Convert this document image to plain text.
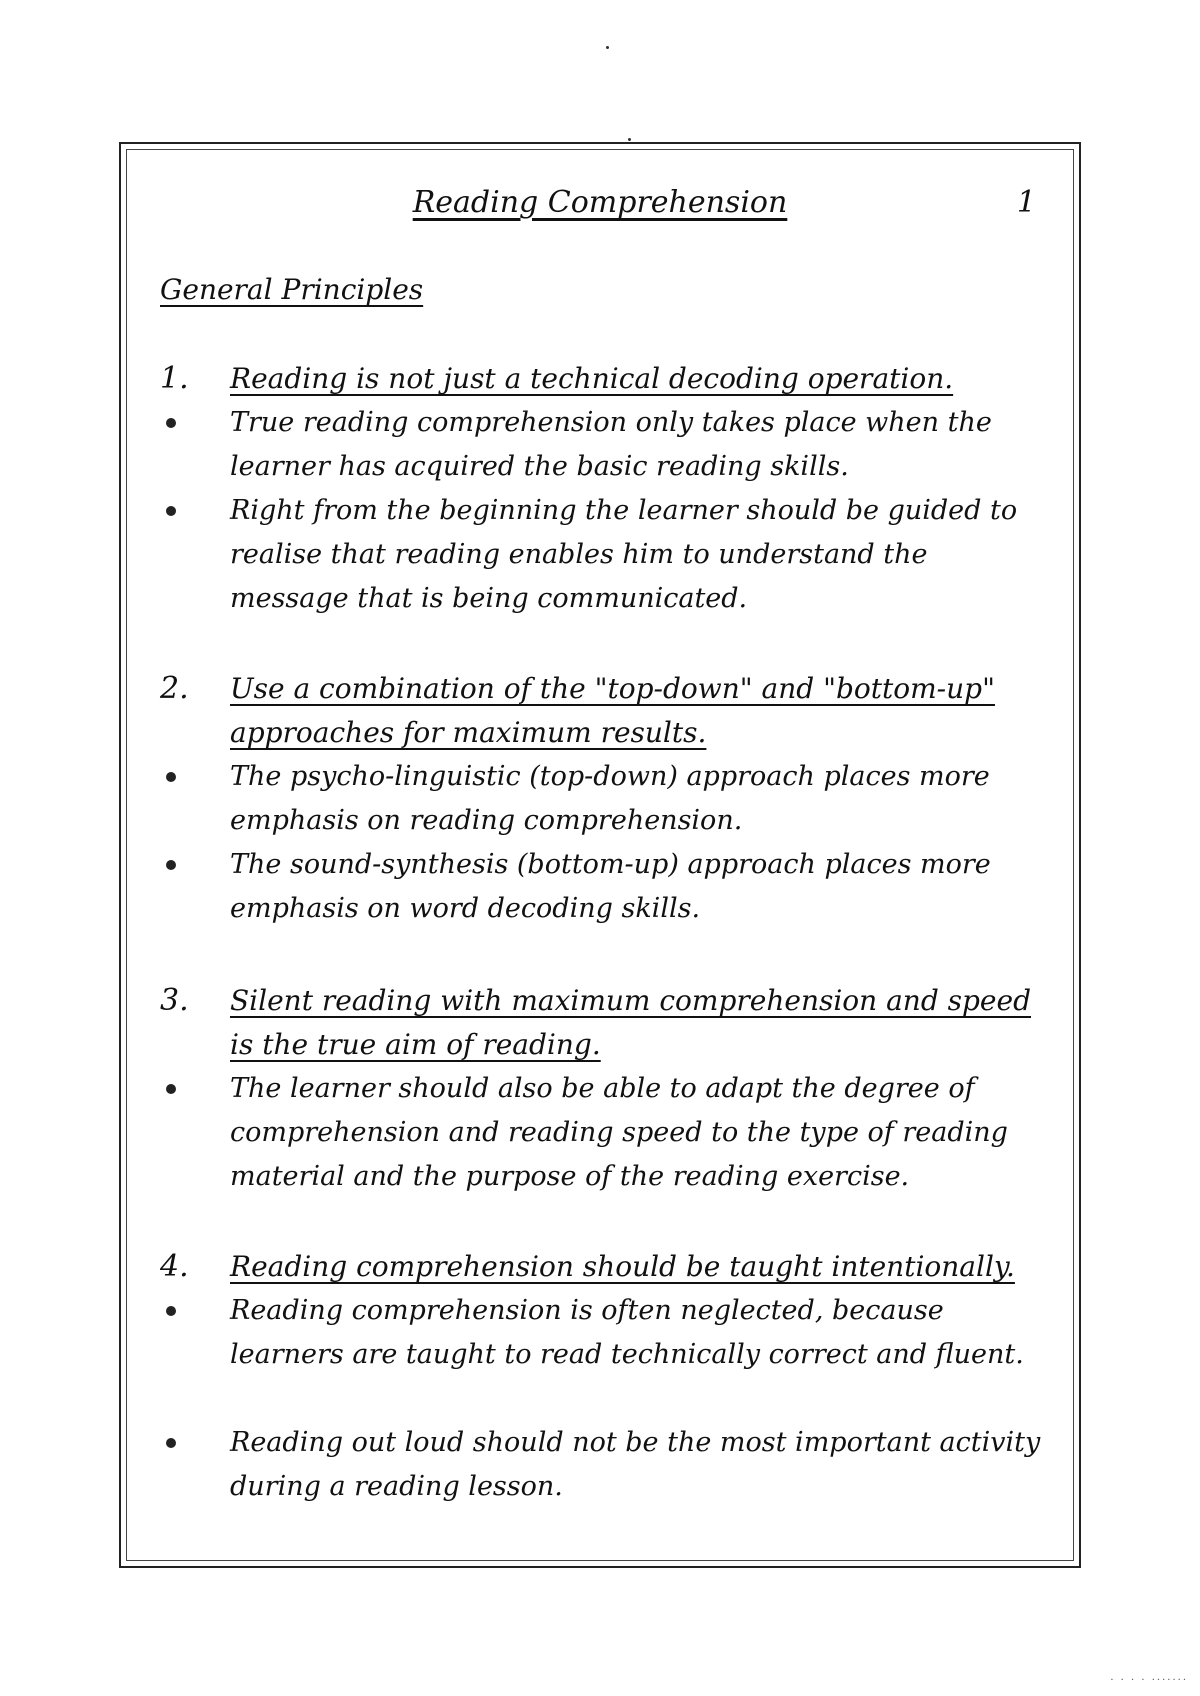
Reading Comprehension	1
General Principles
1. Reading is not just a technical decoding operation.
True reading comprehension only takes place when the learner has acquired the basic reading skills.
Right from the beginning the learner should be guided to realise that reading enables him to understand the message that is being communicated.
2. Use a combination of the "top-down" and "bottom-up" approaches for maximum results.
The psycho-linguistic (top-down) approach places more emphasis on reading comprehension.
The sound-synthesis (bottom-up) approach places more emphasis on word decoding skills.
3. Silent reading with maximum comprehension and speed is the true aim of reading.
The learner should also be able to adapt the degree of comprehension and reading speed to the type of reading material and the purpose of the reading exercise.
4. Reading comprehension should be taught intentionally.
Reading comprehension is often neglected, because learners are taught to read technically correct and fluent.
Reading out loud should not be the most important activity during a reading lesson.
· · · · ·······
